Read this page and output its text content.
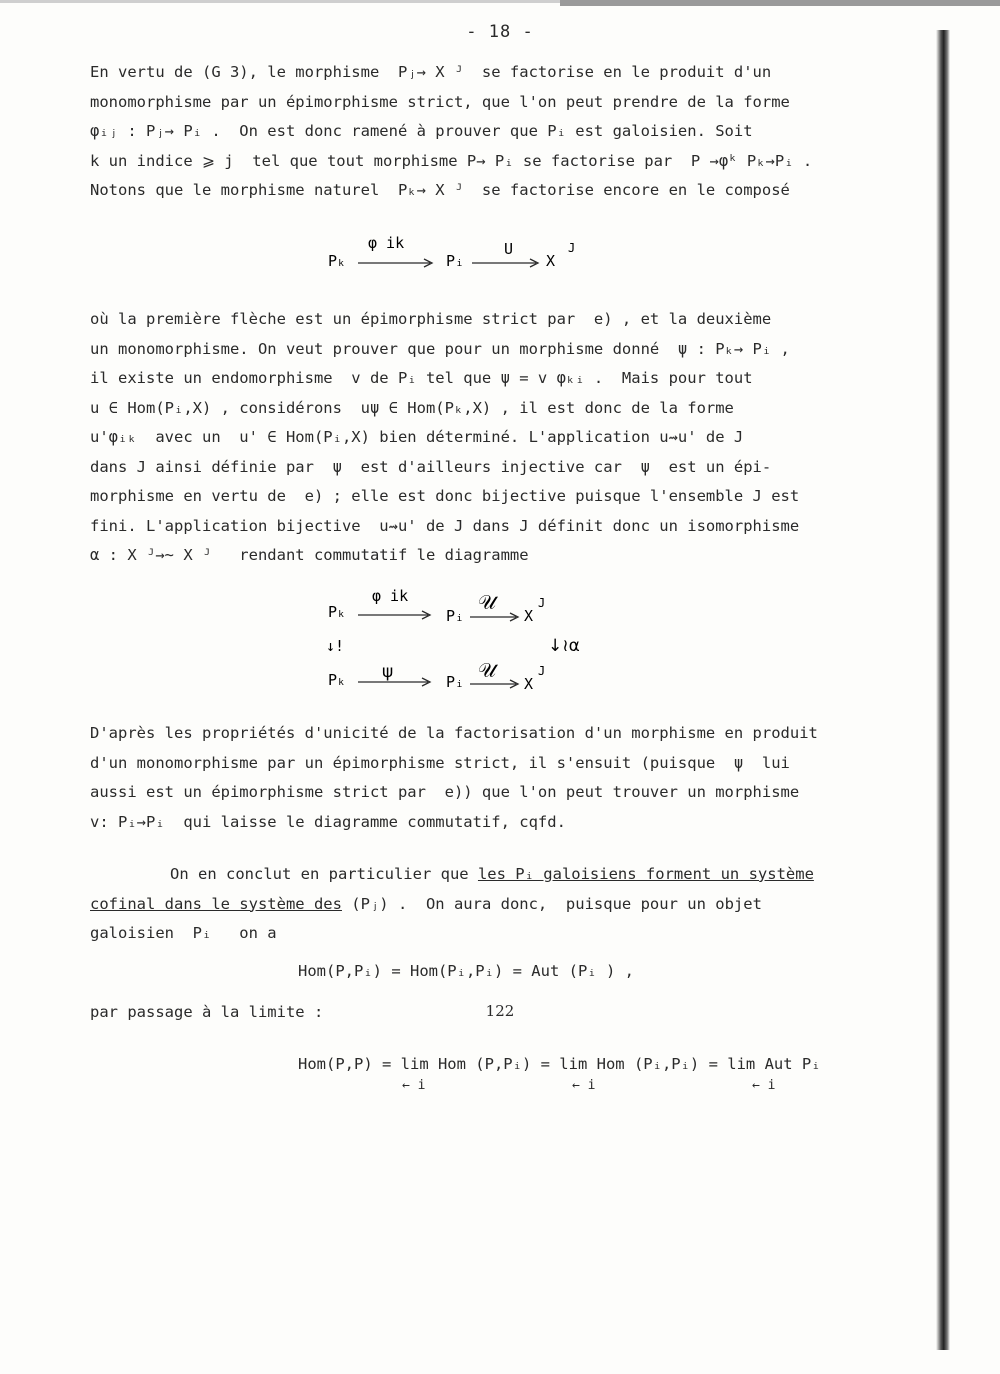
- 18 -
En vertu de (G 3), le morphisme  Pⱼ→ X ᴶ  se factorise en le produit d'un
monomorphisme par un épimorphisme strict, que l'on peut prendre de la forme
φᵢⱼ : Pⱼ→ Pᵢ .  On est donc ramené à prouver que Pᵢ est galoisien. Soit
k un indice ⩾ j  tel que tout morphisme P→ Pᵢ se factorise par  P →φᵏ Pₖ→Pᵢ .
Notons que le morphisme naturel  Pₖ→ X ᴶ  se factorise encore en le composé
Pₖ
φ ik
Pᵢ
U
X
J
où la première flèche est un épimorphisme strict par  e) , et la deuxième
un monomorphisme. On veut prouver que pour un morphisme donné  ψ : Pₖ→ Pᵢ ,
il existe un endomorphisme  v de Pᵢ tel que ψ = v φₖᵢ .  Mais pour tout
u ∈ Hom(Pᵢ,X) , considérons  uψ ∈ Hom(Pₖ,X) , il est donc de la forme
u'φᵢₖ  avec un  u' ∈ Hom(Pᵢ,X) bien déterminé. L'application u⇝u' de J
dans J ainsi définie par  ψ  est d'ailleurs injective car  ψ  est un épi-
morphisme en vertu de  e) ; elle est donc bijective puisque l'ensemble J est
fini. L'application bijective  u⇝u' de J dans J définit donc un isomorphisme
α : X ᴶ→∼ X ᴶ   rendant commutatif le diagramme
Pₖ
φ ik
Pᵢ
𝒰
X
J
↓!	↓≀α
Pₖ ψ	Pᵢ 𝒰
X
J
D'après les propriétés d'unicité de la factorisation d'un morphisme en produit
d'un monomorphisme par un épimorphisme strict, il s'ensuit (puisque  ψ  lui
aussi est un épimorphisme strict par  e)) que l'on peut trouver un morphisme
v: Pᵢ→Pᵢ  qui laisse le diagramme commutatif, cqfd.
On en conclut en particulier que les Pᵢ galoisiens forment un système
cofinal dans le système des (Pⱼ) .  On aura donc,  puisque pour un objet
galoisien  Pᵢ   on a
Hom(P,Pᵢ) = Hom(Pᵢ,Pᵢ) = Aut (Pᵢ ) ,
par passage à la limite :
Hom(P,P) = lim Hom (P,Pᵢ) = lim Hom (Pᵢ,Pᵢ) = lim Aut Pᵢ
← i	← i	← i
122
